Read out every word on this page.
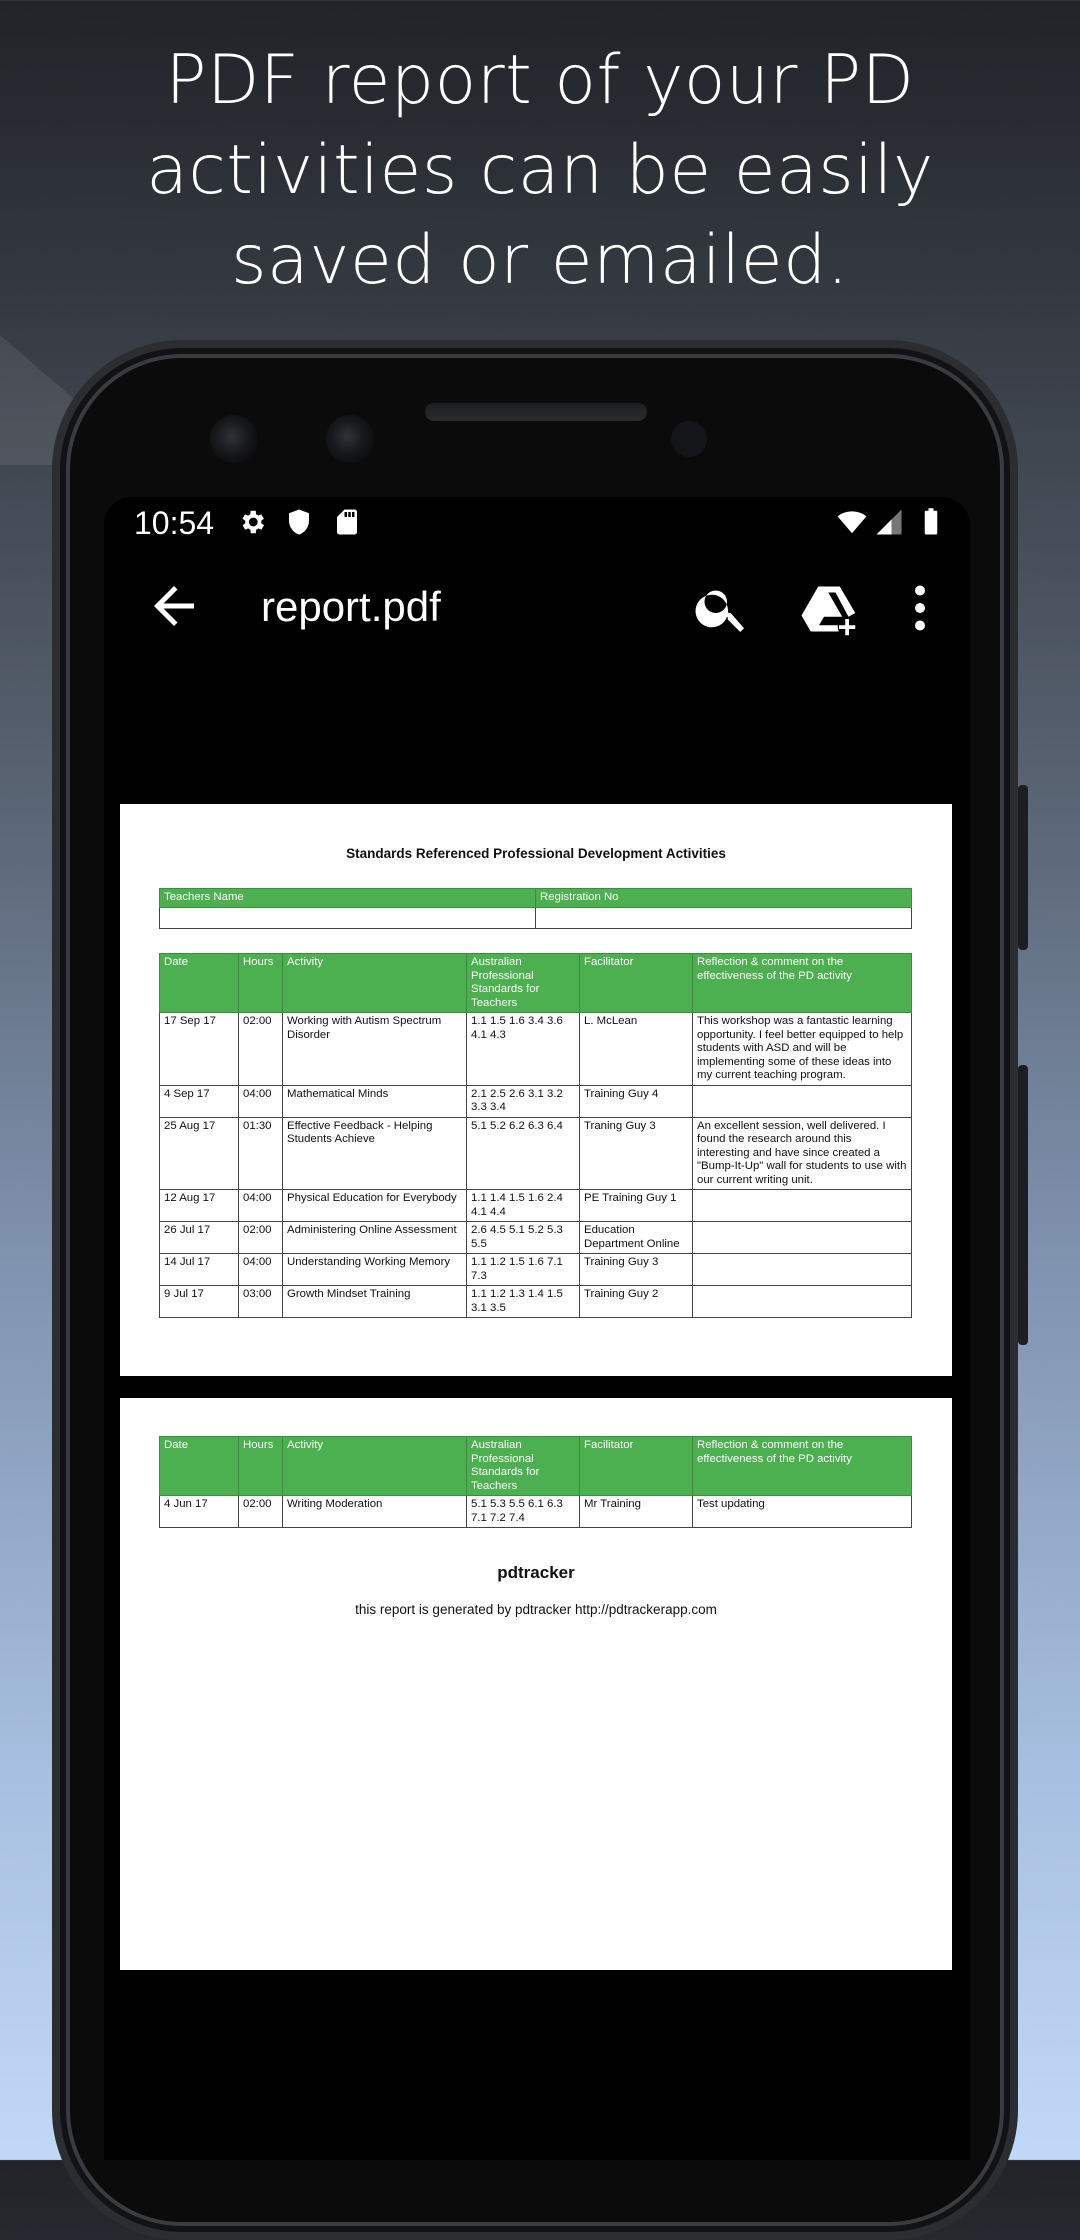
PDF report of your PD
activities can be easily
saved or emailed.
10:54
report.pdf
Standards Referenced Professional Development Activities
Teachers Name	Registration No

Date	Hours	Activity	Australian Professional Standards for Teachers	Facilitator	Reflection & comment on the effectiveness of the PD activity
17 Sep 17	02:00	Working with Autism Spectrum Disorder	1.1 1.5 1.6 3.4 3.6 4.1 4.3	L. McLean	This workshop was a fantastic learning opportunity. I feel better equipped to help students with ASD and will be implementing some of these ideas into my current teaching program.
4 Sep 17	04:00	Mathematical Minds	2.1 2.5 2.6 3.1 3.2 3.3 3.4	Training Guy 4	
25 Aug 17	01:30	Effective Feedback - Helping Students Achieve	5.1 5.2 6.2 6.3 6.4	Traning Guy 3	An excellent session, well delivered. I found the research around this interesting and have since created a "Bump-It-Up" wall for students to use with our current writing unit.
12 Aug 17	04:00	Physical Education for Everybody	1.1 1.4 1.5 1.6 2.4 4.1 4.4	PE Training Guy 1	
26 Jul 17	02:00	Administering Online Assessment	2.6 4.5 5.1 5.2 5.3 5.5	Education Department Online	
14 Jul 17	04:00	Understanding Working Memory	1.1 1.2 1.5 1.6 7.1 7.3	Training Guy 3	
9 Jul 17	03:00	Growth Mindset Training	1.1 1.2 1.3 1.4 1.5 3.1 3.5	Training Guy 2	
Date	Hours	Activity	Australian Professional Standards for Teachers	Facilitator	Reflection & comment on the effectiveness of the PD activity
4 Jun 17	02:00	Writing Moderation	5.1 5.3 5.5 6.1 6.3 7.1 7.2 7.4	Mr Training	Test updating
pdtracker
this report is generated by pdtracker http://pdtrackerapp.com
